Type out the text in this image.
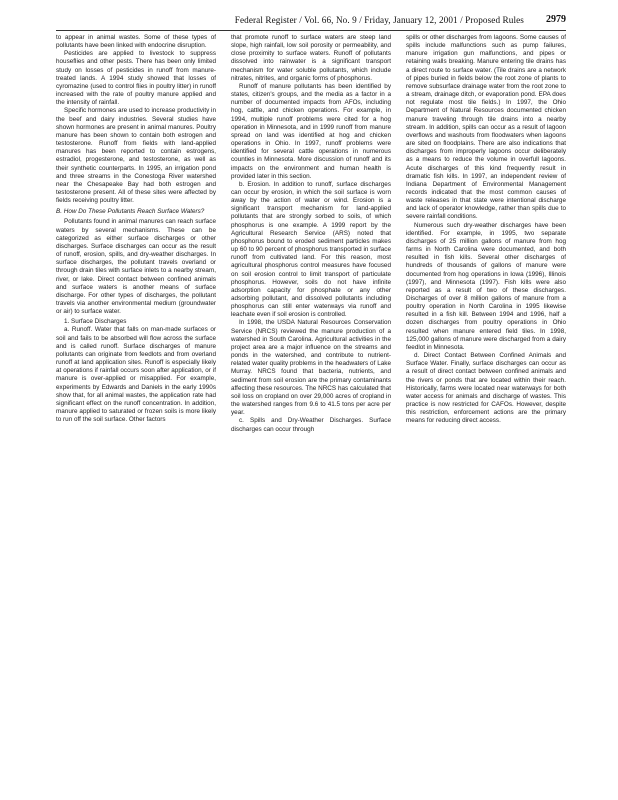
Federal Register / Vol. 66, No. 9 / Friday, January 12, 2001 / Proposed Rules 2979

to appear in animal wastes. Some of these types of pollutants have been linked with endocrine disruption.

Pesticides are applied to livestock to suppress houseflies and other pests. There has been only limited study on losses of pesticides in runoff from manure-treated lands. A 1994 study showed that losses of cyromazine (used to control flies in poultry litter) in runoff increased with the rate of poultry manure applied and the intensity of rainfall.

Specific hormones are used to increase productivity in the beef and dairy industries. Several studies have shown hormones are present in animal manures. Poultry manure has been shown to contain both estrogen and testosterone. Runoff from fields with land-applied manures has been reported to contain estrogens, estradiol, progesterone, and testosterone, as well as their synthetic counterparts. In 1995, an irrigation pond and three streams in the Conestoga River watershed near the Chesapeake Bay had both estrogen and testosterone present. All of these sites were affected by fields receiving poultry litter.

B. How Do These Pollutants Reach Surface Waters?

Pollutants found in animal manures can reach surface waters by several mechanisms. These can be categorized as either surface discharges or other discharges. Surface discharges can occur as the result of runoff, erosion, spills, and dry-weather discharges. In surface discharges, the pollutant travels overland or through drain tiles with surface inlets to a nearby stream, river, or lake. Direct contact between confined animals and surface waters is another means of surface discharge. For other types of discharges, the pollutant travels via another environmental medium (groundwater or air) to surface water.

1. Surface Discharges

a. Runoff. Water that falls on man-made surfaces or soil and fails to be absorbed will flow across the surface and is called runoff. Surface discharges of manure pollutants can originate from feedlots and from overland runoff at land application sites. Runoff is especially likely at operations if rainfall occurs soon after application, or if manure is over-applied or misapplied. For example, experiments by Edwards and Daniels in the early 1990s show that, for all animal wastes, the application rate had significant effect on the runoff concentration. In addition, manure applied to saturated or frozen soils is more likely to run off the soil surface. Other factors

that promote runoff to surface waters are steep land slope, high rainfall, low soil porosity or permeability, and close proximity to surface waters. Runoff of pollutants dissolved into rainwater is a significant transport mechanism for water soluble pollutants, which include nitrates, nitrites, and organic forms of phosphorus.

Runoff of manure pollutants has been identified by states, citizen's groups, and the media as a factor in a number of documented impacts from AFOs, including hog, cattle, and chicken operations. For example, in 1994, multiple runoff problems were cited for a hog operation in Minnesota, and in 1999 runoff from manure spread on land was identified at hog and chicken operations in Ohio. In 1997, runoff problems were identified for several cattle operations in numerous counties in Minnesota. More discussion of runoff and its impacts on the environment and human health is provided later in this section.

b. Erosion. In addition to runoff, surface discharges can occur by erosion, in which the soil surface is worn away by the action of water or wind. Erosion is a significant transport mechanism for land-applied pollutants that are strongly sorbed to soils, of which phosphorus is one example. A 1999 report by the Agricultural Research Service (ARS) noted that phosphorus bound to eroded sediment particles makes up 60 to 90 percent of phosphorus transported in surface runoff from cultivated land. For this reason, most agricultural phosphorus control measures have focused on soil erosion control to limit transport of particulate phosphorus. However, soils do not have infinite adsorption capacity for phosphate or any other adsorbing pollutant, and dissolved pollutants including phosphorus can still enter waterways via runoff and leachate even if soil erosion is controlled.

In 1998, the USDA Natural Resources Conservation Service (NRCS) reviewed the manure production of a watershed in South Carolina. Agricultural activities in the project area are a major influence on the streams and ponds in the watershed, and contribute to nutrient-related water quality problems in the headwaters of Lake Murray. NRCS found that bacteria, nutrients, and sediment from soil erosion are the primary contaminants affecting these resources. The NRCS has calculated that soil loss on cropland on over 29,000 acres of cropland in the watershed ranges from 9.6 to 41.5 tons per acre per year.

c. Spills and Dry-Weather Discharges. Surface discharges can occur through

spills or other discharges from lagoons. Some causes of spills include malfunctions such as pump failures, manure irrigation gun malfunctions, and pipes or retaining walls breaking. Manure entering tile drains has a direct route to surface water. (Tile drains are a network of pipes buried in fields below the root zone of plants to remove subsurface drainage water from the root zone to a stream, drainage ditch, or evaporation pond. EPA does not regulate most tile fields.) In 1997, the Ohio Department of Natural Resources documented chicken manure traveling through tile drains into a nearby stream. In addition, spills can occur as a result of lagoon overflows and washouts from floodwaters when lagoons are sited on floodplains. There are also indications that discharges from improperly lagoons occur deliberately as a means to reduce the volume in overfull lagoons. Acute discharges of this kind frequently result in dramatic fish kills. In 1997, an independent review of Indiana Department of Environmental Management records indicated that the most common causes of waste releases in that state were intentional discharge and lack of operator knowledge, rather than spills due to severe rainfall conditions.

Numerous such dry-weather discharges have been identified. For example, in 1995, two separate discharges of 25 million gallons of manure from hog farms in North Carolina were documented, and both resulted in fish kills. Several other discharges of hundreds of thousands of gallons of manure were documented from hog operations in Iowa (1996), Illinois (1997), and Minnesota (1997). Fish kills were also reported as a result of two of these discharges. Discharges of over 8 million gallons of manure from a poultry operation in North Carolina in 1995 likewise resulted in a fish kill. Between 1994 and 1996, half a dozen discharges from poultry operations in Ohio resulted when manure entered field tiles. In 1998, 125,000 gallons of manure were discharged from a dairy feedlot in Minnesota.

d. Direct Contact Between Confined Animals and Surface Water. Finally, surface discharges can occur as a result of direct contact between confined animals and the rivers or ponds that are located within their reach. Historically, farms were located near waterways for both water access for animals and discharge of wastes. This practice is now restricted for CAFOs. However, despite this restriction, enforcement actions are the primary means for reducing direct access.
